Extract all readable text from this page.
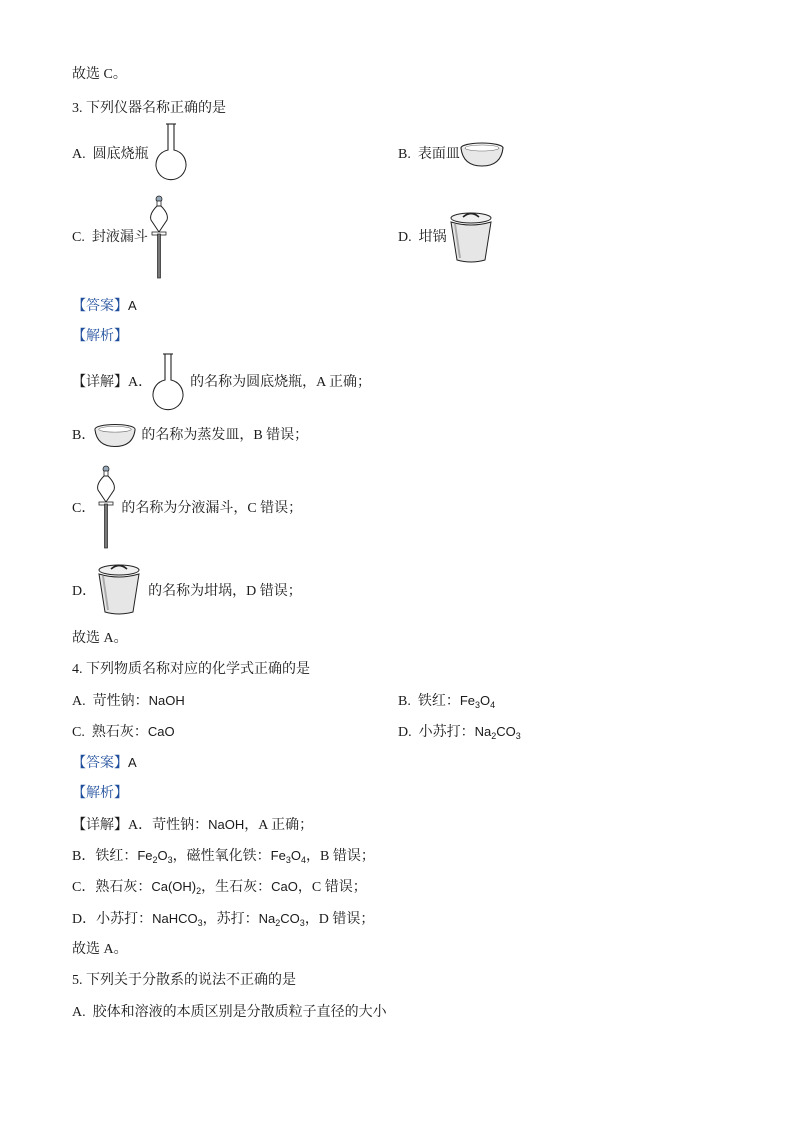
故选 C。
3. 下列仪器名称正确的是
A. 圆底烧瓶	B. 表面皿
C. 封液漏斗	D. 坩锅
【答案】A
【解析】
【详解】A．	的名称为圆底烧瓶，A 正确；
B．	的名称为蒸发皿，B 错误；
C． 的名称为分液漏斗，C 错误；
D．	的名称为坩埚，D 错误；
故选 A。
4. 下列物质名称对应的化学式正确的是
A. 苛性钠：NaOH	B. 铁红：$Fe_3O_4$
C. 熟石灰：CaO	D. 小苏打：$Na_2CO_3$
【答案】A
【解析】
【详解】A．苛性钠：NaOH，A 正确；
B．铁红：$Fe_2O_3$，磁性氧化铁：$Fe_3O_4$，B 错误；
C．熟石灰：$Ca(OH)_2$，生石灰：CaO，C 错误；
D．小苏打：NaHCO$_3$，苏打：$Na_2CO_3$，D 错误；
故选 A。
5. 下列关于分散系的说法不正确的是
A. 胶体和溶液的本质区别是分散质粒子直径的大小
